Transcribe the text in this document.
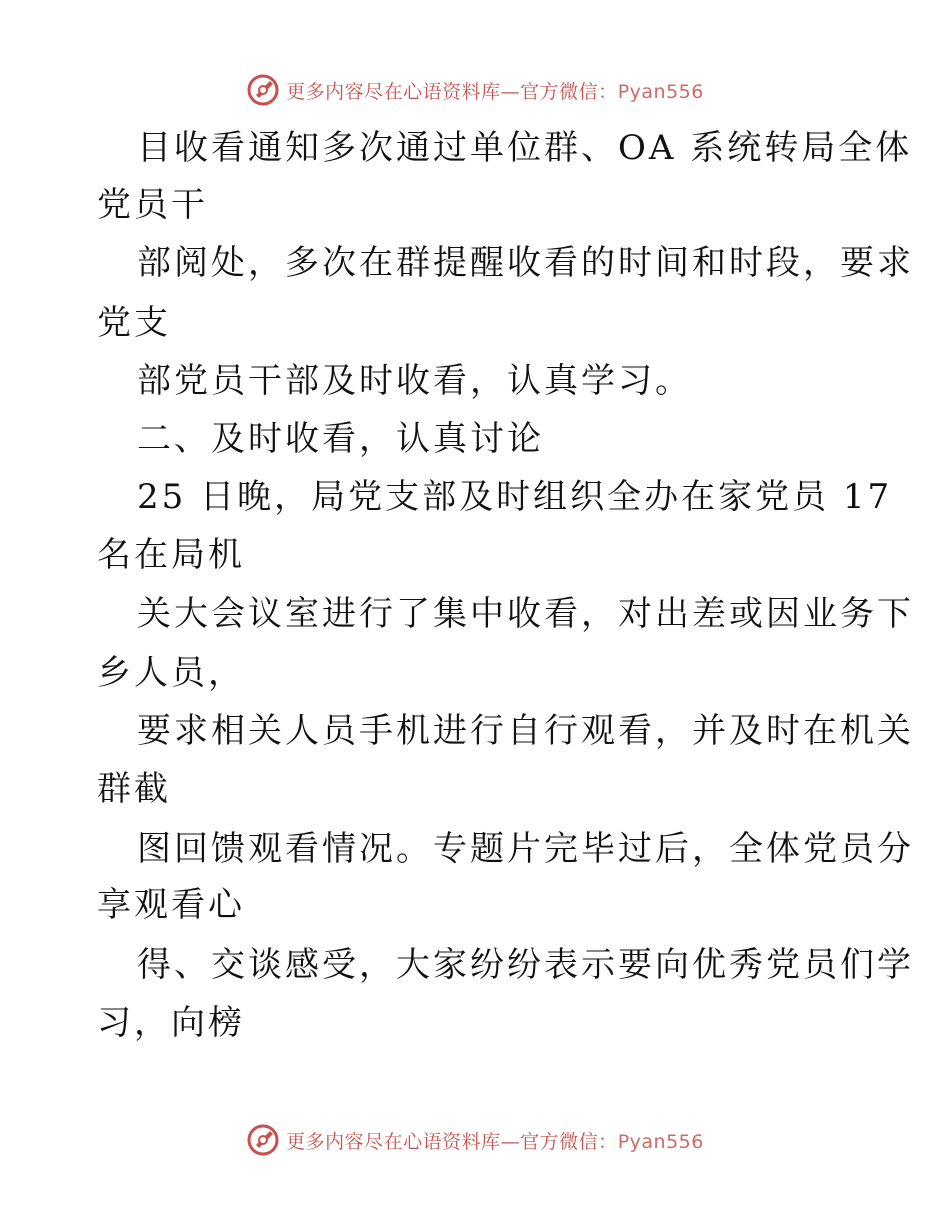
更多内容尽在心语资料库—官方微信：Pyan556
目收看通知多次通过单位群、OA 系统转局全体
党员干
部阅处，多次在群提醒收看的时间和时段，要求
党支
部党员干部及时收看，认真学习。
二、及时收看，认真讨论
25 日晚，局党支部及时组织全办在家党员 17
名在局机
关大会议室进行了集中收看，对出差或因业务下
乡人员，
要求相关人员手机进行自行观看，并及时在机关
群截
图回馈观看情况。专题片完毕过后，全体党员分
享观看心
得、交谈感受，大家纷纷表示要向优秀党员们学
习，向榜
更多内容尽在心语资料库—官方微信：Pyan556
